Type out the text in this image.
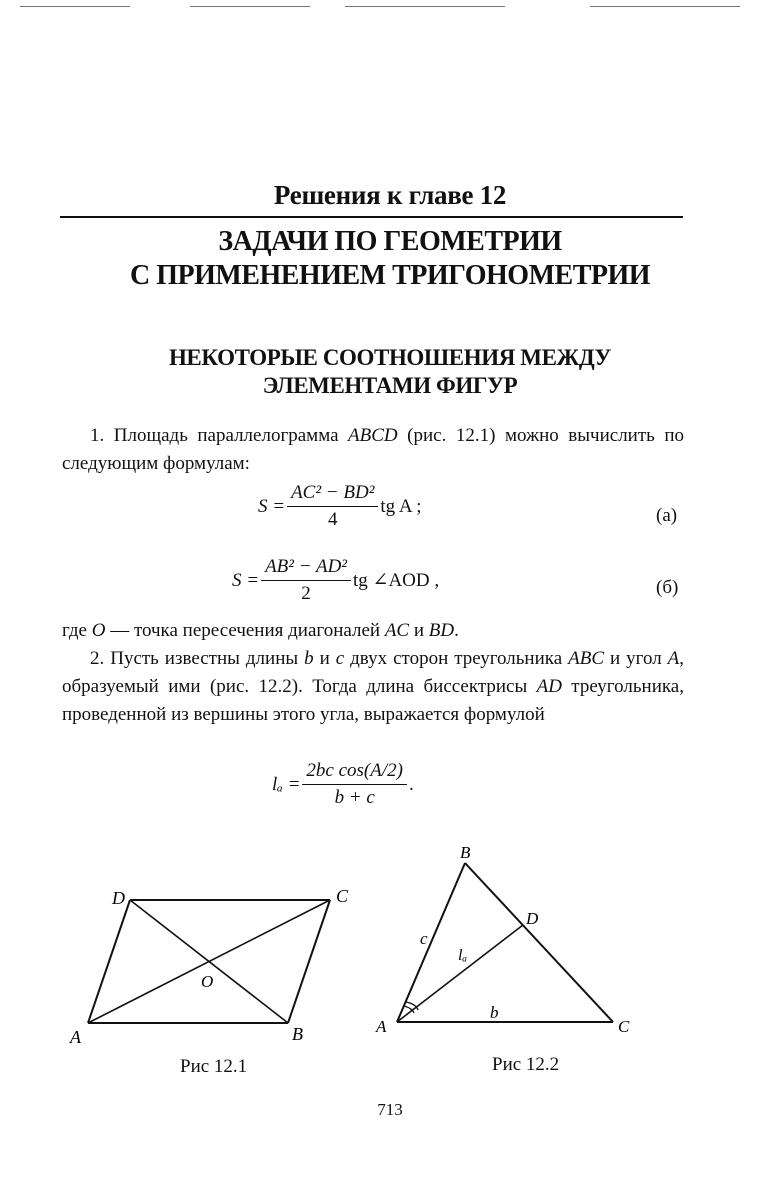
Решения к главе 12
ЗАДАЧИ ПО ГЕОМЕТРИИ
С ПРИМЕНЕНИЕМ ТРИГОНОМЕТРИИ
НЕКОТОРЫЕ СООТНОШЕНИЯ МЕЖДУ
ЭЛЕМЕНТАМИ ФИГУР
1. Площадь параллелограмма ABCD (рис. 12.1) можно вычислить по следующим формулам:
$S = \frac{\text{AC² − BD²}}{4}$ tg A ;	(а)
$S = \frac{\text{AB² − AD²}}{2}$ tg ∠AOD ,	(б)
где O — точка пересечения диагоналей AC и BD.
2. Пусть известны длины b и c двух сторон треугольника ABC и угол A, образуемый ими (рис. 12.2). Тогда длина биссектрисы AD треугольника, проведенной из вершины этого угла, выражается формулой
$l_a = \frac{\text{2bc cos(A/2)}}{b + c}$ .
A	B
C
D
O
Рис 12.1
B
D
C
A
c
b
lₐ
Рис 12.2
713
